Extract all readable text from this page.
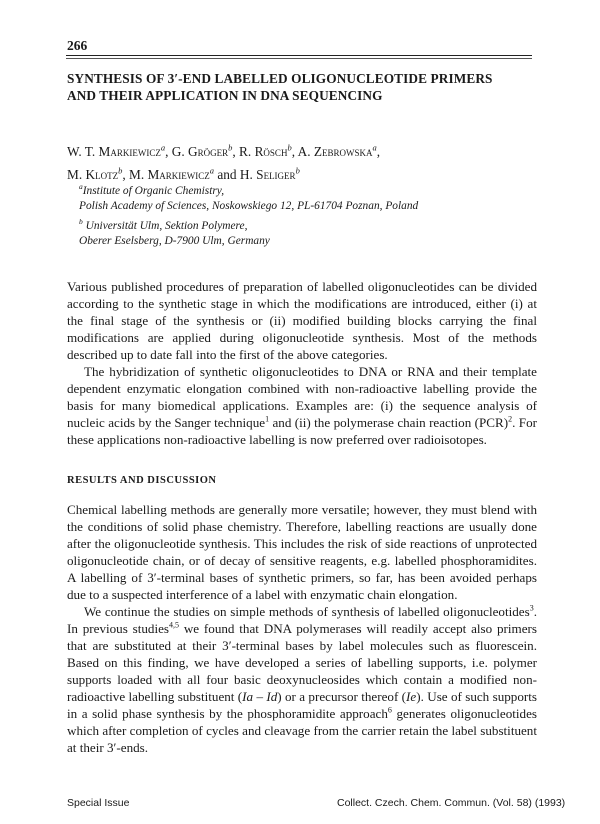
266
SYNTHESIS OF 3′-END LABELLED OLIGONUCLEOTIDE PRIMERS
AND THEIR APPLICATION IN DNA SEQUENCING
W. T. Markiewicz$^a$, G. Gröger$^b$, R. Rösch$^b$, A. Zebrowska$^a$,
M. Klotz$^b$, M. Markiewicz$^a$ and H. Seliger$^b$
$^a$Institute of Organic Chemistry,
Polish Academy of Sciences, Noskowskiego 12, PL-61704 Poznan, Poland
$^b$ Universität Ulm, Sektion Polymere,
Oberer Eselsberg, D-7900 Ulm, Germany

Various published procedures of preparation of labelled oligonucleotides can be divided according to the synthetic stage in which the modifications are introduced, either (i) at the final stage of the synthesis or (ii) modified building blocks carrying the final modifications are applied during oligonucleotide synthesis. Most of the methods described up to date fall into the first of the above categories.

The hybridization of synthetic oligonucleotides to DNA or RNA and their template dependent enzymatic elongation combined with non-radioactive labelling provide the basis for many biomedical applications. Examples are: (i) the sequence analysis of nucleic acids by the Sanger technique$^1$ and (ii) the polymerase chain reaction (PCR)$^2$. For these applications non-radioactive labelling is now preferred over radioisotopes.

RESULTS AND DISCUSSION

Chemical labelling methods are generally more versatile; however, they must blend with the conditions of solid phase chemistry. Therefore, labelling reactions are usually done after the oligonucleotide synthesis. This includes the risk of side reactions of unprotected oligonucleotide chain, or of decay of sensitive reagents, e.g. labelled phosphoramidites. A labelling of 3′-terminal bases of synthetic primers, so far, has been avoided perhaps due to a suspected interference of a label with enzymatic chain elongation.

We continue the studies on simple methods of synthesis of labelled oligonucleotides$^3$. In previous studies$^{4,5}$ we found that DNA polymerases will readily accept also primers that are substituted at their 3′-terminal bases by label molecules such as fluorescein. Based on this finding, we have developed a series of labelling supports, i.e. polymer supports loaded with all four basic deoxynucleosides which contain a modified non-radioactive labelling substituent (Ia – Id) or a precursor thereof (Ie). Use of such supports in a solid phase synthesis by the phosphoramidite approach$^6$ generates oligonucleotides which after completion of cycles and cleavage from the carrier retain the label substituent at their 3′-ends.

Special Issue	Collect. Czech. Chem. Commun. (Vol. 58) (1993)
